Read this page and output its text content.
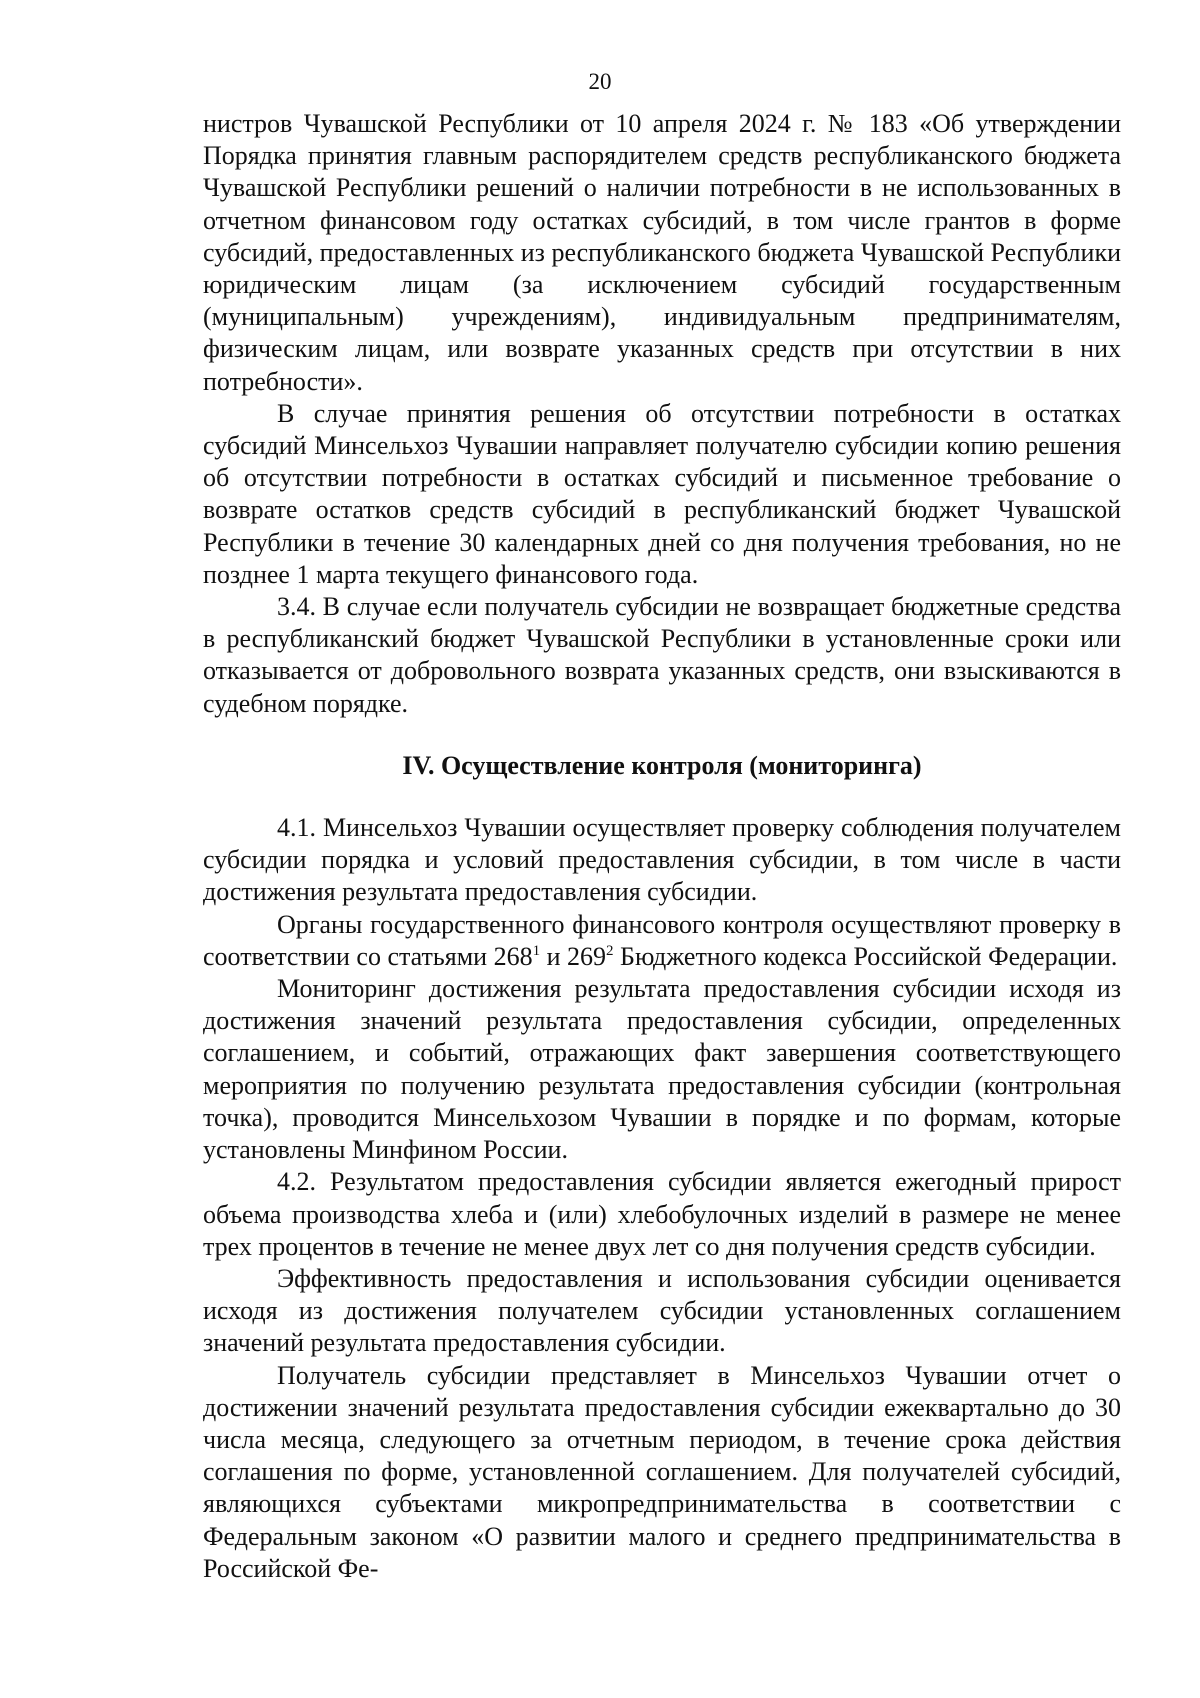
20

нистров Чувашской Республики от 10 апреля 2024 г. № 183 «Об утверждении Порядка принятия главным распорядителем средств республиканского бюджета Чувашской Республики решений о наличии потребности в не использованных в отчетном финансовом году остатках субсидий, в том числе грантов в форме субсидий, предоставленных из республиканского бюджета Чувашской Республики юридическим лицам (за исключением субсидий государственным (муниципальным) учреждениям), индивидуальным предпринимателям, физическим лицам, или возврате указанных средств при отсутствии в них потребности».

В случае принятия решения об отсутствии потребности в остатках субсидий Минсельхоз Чувашии направляет получателю субсидии копию решения об отсутствии потребности в остатках субсидий и письменное требование о возврате остатков средств субсидий в республиканский бюджет Чувашской Республики в течение 30 календарных дней со дня получения требования, но не позднее 1 марта текущего финансового года.

3.4. В случае если получатель субсидии не возвращает бюджетные средства в республиканский бюджет Чувашской Республики в установленные сроки или отказывается от добровольного возврата указанных средств, они взыскиваются в судебном порядке.

IV. Осуществление контроля (мониторинга)

4.1. Минсельхоз Чувашии осуществляет проверку соблюдения получателем субсидии порядка и условий предоставления субсидии, в том числе в части достижения результата предоставления субсидии.

Органы государственного финансового контроля осуществляют проверку в соответствии со статьями $268^1$ и $269^2$ Бюджетного кодекса Российской Федерации.

Мониторинг достижения результата предоставления субсидии исходя из достижения значений результата предоставления субсидии, определенных соглашением, и событий, отражающих факт завершения соответствующего мероприятия по получению результата предоставления субсидии (контрольная точка), проводится Минсельхозом Чувашии в порядке и по формам, которые установлены Минфином России.

4.2. Результатом предоставления субсидии является ежегодный прирост объема производства хлеба и (или) хлебобулочных изделий в размере не менее трех процентов в течение не менее двух лет со дня получения средств субсидии.

Эффективность предоставления и использования субсидии оценивается исходя из достижения получателем субсидии установленных соглашением значений результата предоставления субсидии.

Получатель субсидии представляет в Минсельхоз Чувашии отчет о достижении значений результата предоставления субсидии ежеквартально до 30 числа месяца, следующего за отчетным периодом, в течение срока действия соглашения по форме, установленной соглашением. Для получателей субсидий, являющихся субъектами микропредпринимательства в соответствии с Федеральным законом «О развитии малого и среднего предпринимательства в Российской Фе-
